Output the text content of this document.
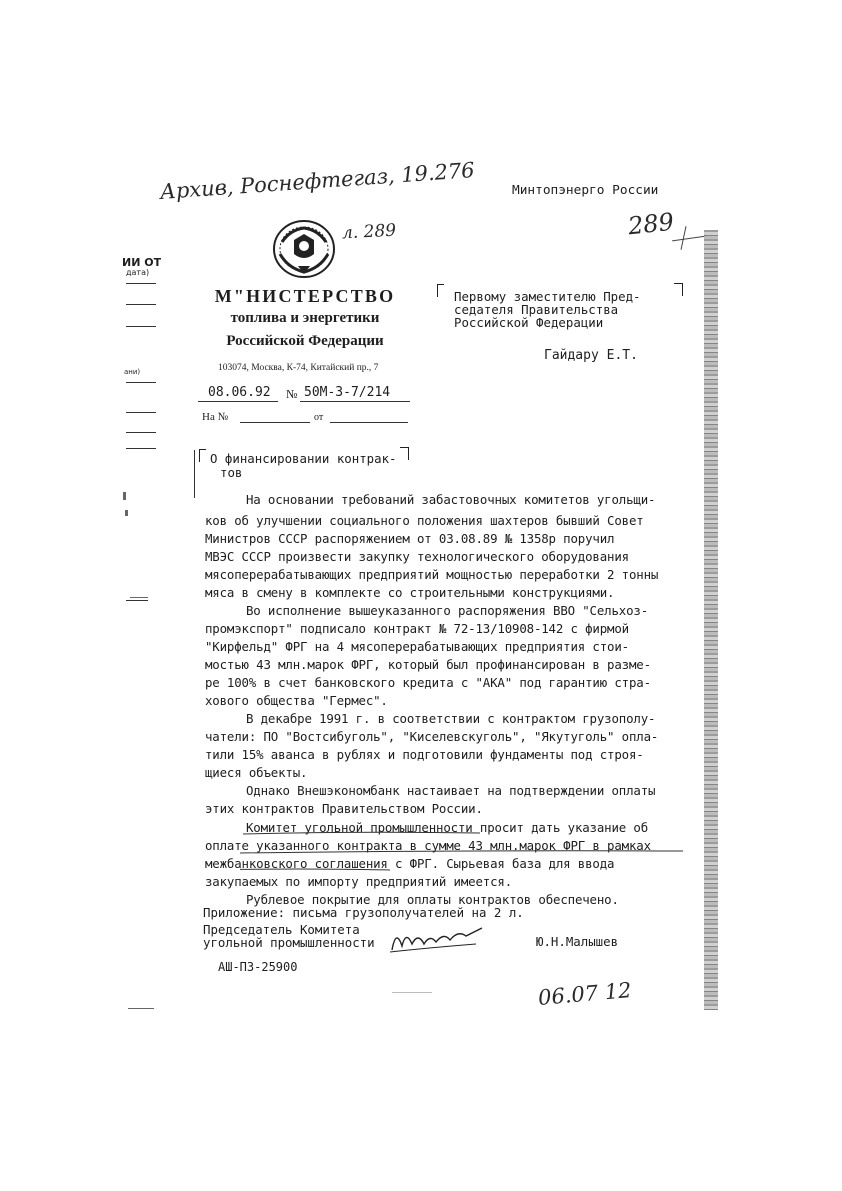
Архив, Роснефтегаз, 19.276
л. 289
Минтопэнерго России
289
ИИ ОТ
дата)
ани)
М"НИСТЕРСТВО
топлива и энергетики
Российской Федерации
103074, Москва, К-74, Китайский пр., 7
08.06.92 № 50М-3-7/214
На №	от
Первому заместителю Пред-
седателя Правительства
Российской Федерации
Гайдару Е.Т.
О финансировании контрак-
тов
На основании требований забастовочных комитетов угольщи-
ков об улучшении социального положения шахтеров бывший Совет
Министров СССР распоряжением от 03.08.89 № 1358р поручил
МВЭС СССР произвести закупку технологического оборудования
мясоперерабатывающих предприятий мощностью переработки 2 тонны
мяса в смену в комплекте со строительными конструкциями.
Во исполнение вышеуказанного распоряжения ВВО "Сельхоз-
промэкспорт" подписало контракт № 72-13/10908-142 с фирмой
"Кирфельд" ФРГ на 4 мясоперерабатывающих предприятия стои-
мостью 43 млн.марок ФРГ, который был профинансирован в разме-
ре 100% в счет банковского кредита с "АКА" под гарантию стра-
хового общества "Гермес".
В декабре 1991 г. в соответствии с контрактом грузополу-
чатели: ПО "Востсибуголь", "Киселевскуголь", "Якутуголь" опла-
тили 15% аванса в рублях и подготовили фундаменты под строя-
щиеся объекты.
Однако Внешэкономбанк настаивает на подтверждении оплаты
этих контрактов Правительством России.
Комитет угольной промышленности просит дать указание об
оплате указанного контракта в сумме 43 млн.марок ФРГ в рамках
межбанковского соглашения с ФРГ. Сырьевая база для ввода
закупаемых по импорту предприятий имеется.
Рублевое покрытие для оплаты контрактов обеспечено.
Приложение: письма грузополучателей на 2 л.
Председатель Комитета
угольной промышленности	Ю.Н.Малышев
АШ-ПЗ-25900
06.07 12
